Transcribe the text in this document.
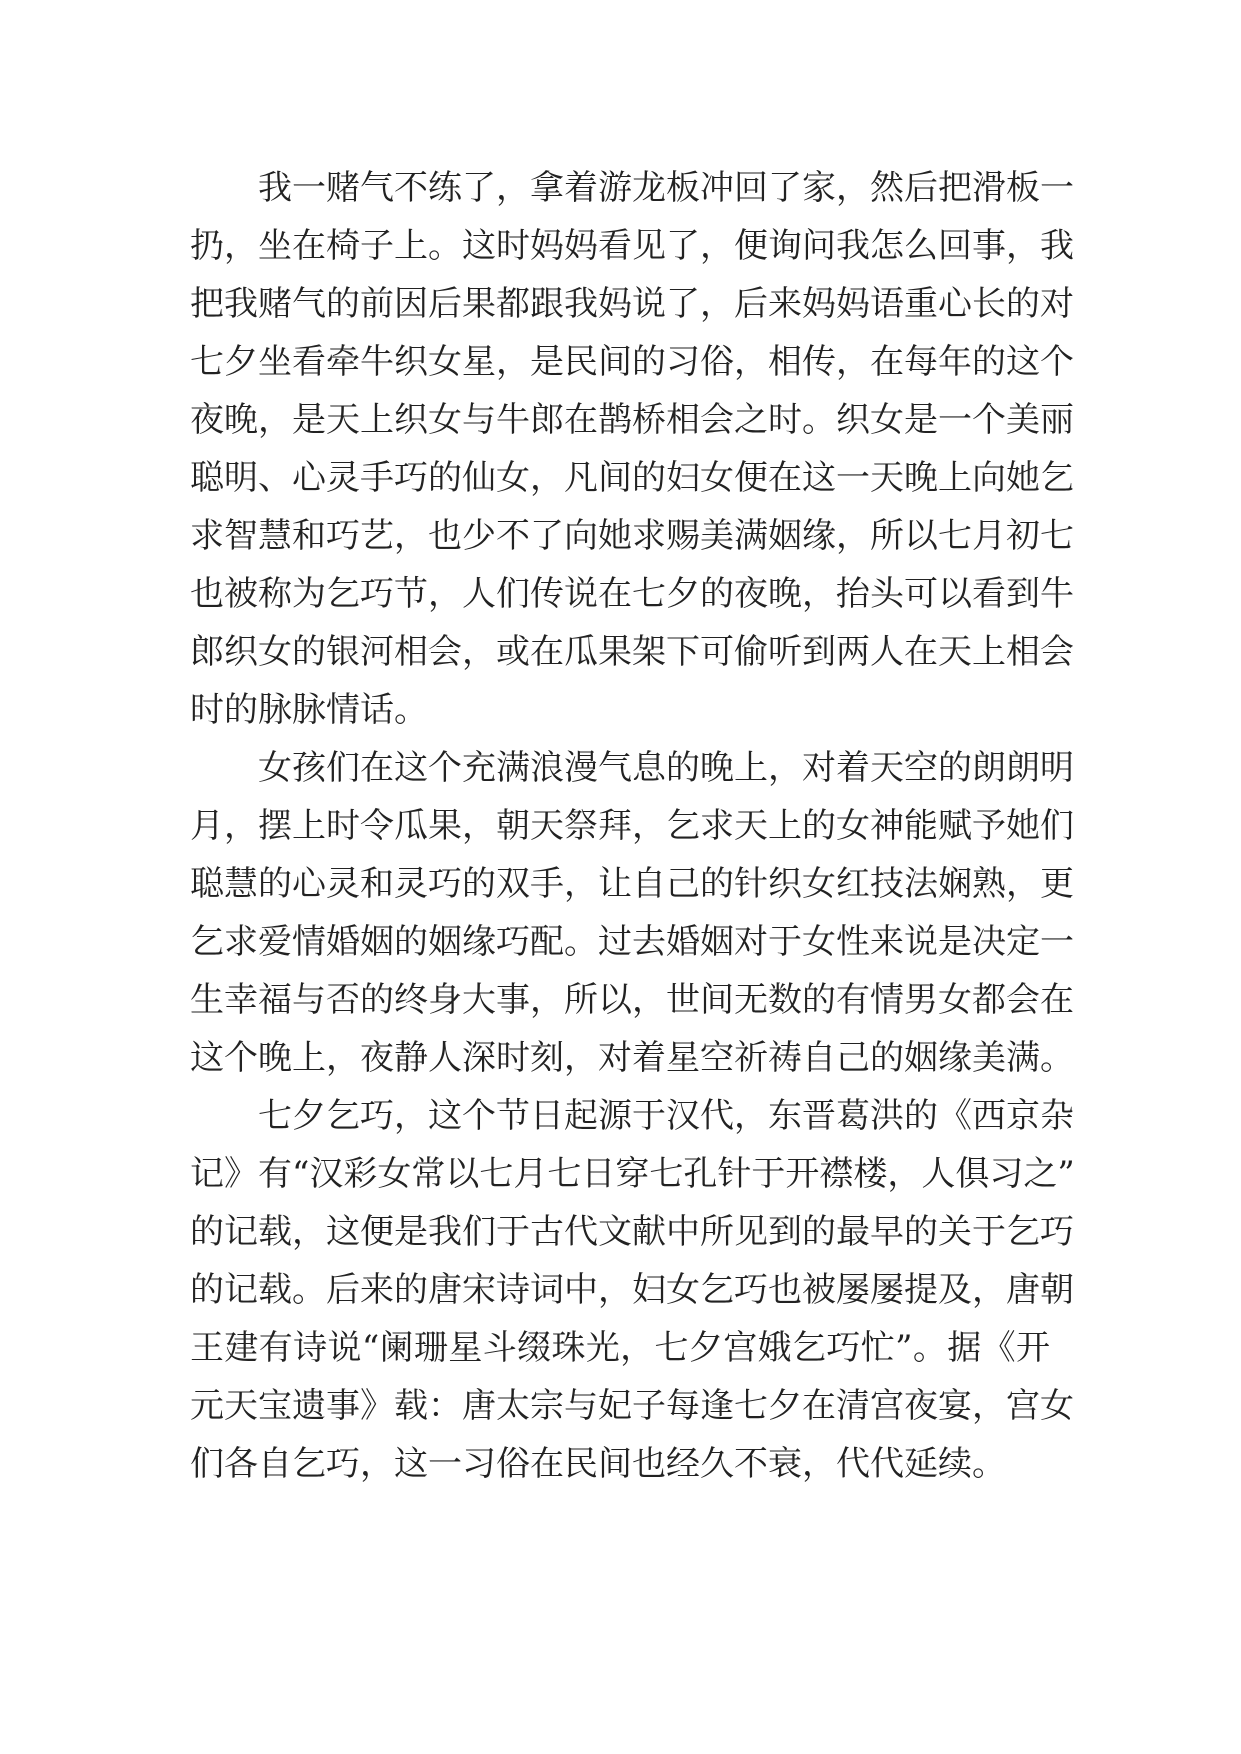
我一赌气不练了，拿着游龙板冲回了家，然后把滑板一
扔，坐在椅子上。这时妈妈看见了，便询问我怎么回事，我
把我赌气的前因后果都跟我妈说了，后来妈妈语重心长的对
七夕坐看牵牛织女星，是民间的习俗，相传，在每年的这个
夜晚，是天上织女与牛郎在鹊桥相会之时。织女是一个美丽
聪明、心灵手巧的仙女，凡间的妇女便在这一天晚上向她乞
求智慧和巧艺，也少不了向她求赐美满姻缘，所以七月初七
也被称为乞巧节，人们传说在七夕的夜晚，抬头可以看到牛
郎织女的银河相会，或在瓜果架下可偷听到两人在天上相会
时的脉脉情话。
女孩们在这个充满浪漫气息的晚上，对着天空的朗朗明
月，摆上时令瓜果，朝天祭拜，乞求天上的女神能赋予她们
聪慧的心灵和灵巧的双手，让自己的针织女红技法娴熟，更
乞求爱情婚姻的姻缘巧配。过去婚姻对于女性来说是决定一
生幸福与否的终身大事，所以，世间无数的有情男女都会在
这个晚上，夜静人深时刻，对着星空祈祷自己的姻缘美满。
七夕乞巧，这个节日起源于汉代，东晋葛洪的《西京杂
记》有“汉彩女常以七月七日穿七孔针于开襟楼，人俱习之”
的记载，这便是我们于古代文献中所见到的最早的关于乞巧
的记载。后来的唐宋诗词中，妇女乞巧也被屡屡提及，唐朝
王建有诗说“阑珊星斗缀珠光，七夕宫娥乞巧忙”。据《开
元天宝遗事》载：唐太宗与妃子每逢七夕在清宫夜宴，宫女
们各自乞巧，这一习俗在民间也经久不衰，代代延续。
